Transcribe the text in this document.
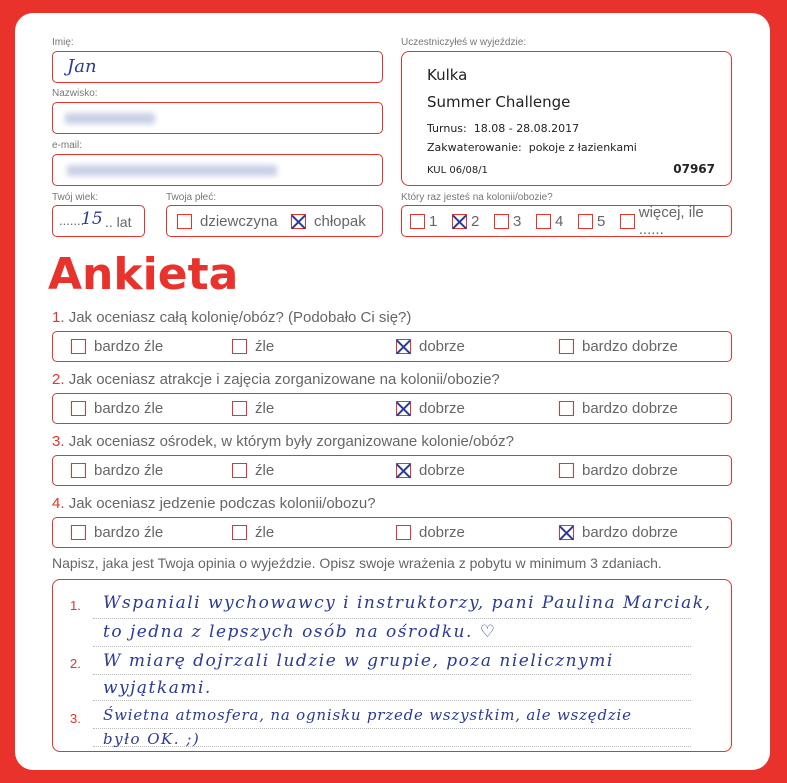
Imię:
Jan
Nazwisko:
e-mail:
Twój wiek:
.......
15 .. lat
Twoja płeć:
dziewczyna chłopak
Uczestniczyłeś w wyjeździe:
Kulka
Summer Challenge
Turnus: 18.08 - 28.08.2017
Zakwaterowanie: pokoje z łazienkami
KUL 06/08/1	07967
Który raz jesteś na kolonii/obozie?
1 2 3 4 5 więcej, ile ......
Ankieta
1. Jak oceniasz całą kolonię/obóz? (Podobało Ci się?)
bardzo źle	źle	dobrze	bardzo dobrze
2. Jak oceniasz atrakcje i zajęcia zorganizowane na kolonii/obozie?
bardzo źle	źle	dobrze	bardzo dobrze
3. Jak oceniasz ośrodek, w którym były zorganizowane kolonie/obóz?
bardzo źle	źle	dobrze	bardzo dobrze
4. Jak oceniasz jedzenie podczas kolonii/obozu?
bardzo źle	źle	dobrze	bardzo dobrze
Napisz, jaka jest Twoja opinia o wyjeździe. Opisz swoje wrażenia z pobytu w minimum 3 zdaniach.
1. Wspaniali wychowawcy i instruktorzy, pani Paulina Marciak,
to jedna z lepszych osób na ośrodku. ♡
2. W miarę dojrzali ludzie w grupie, poza nielicznymi
wyjątkami.
3. Świetna atmosfera, na ognisku przede wszystkim, ale wszędzie
było OK. ;)
